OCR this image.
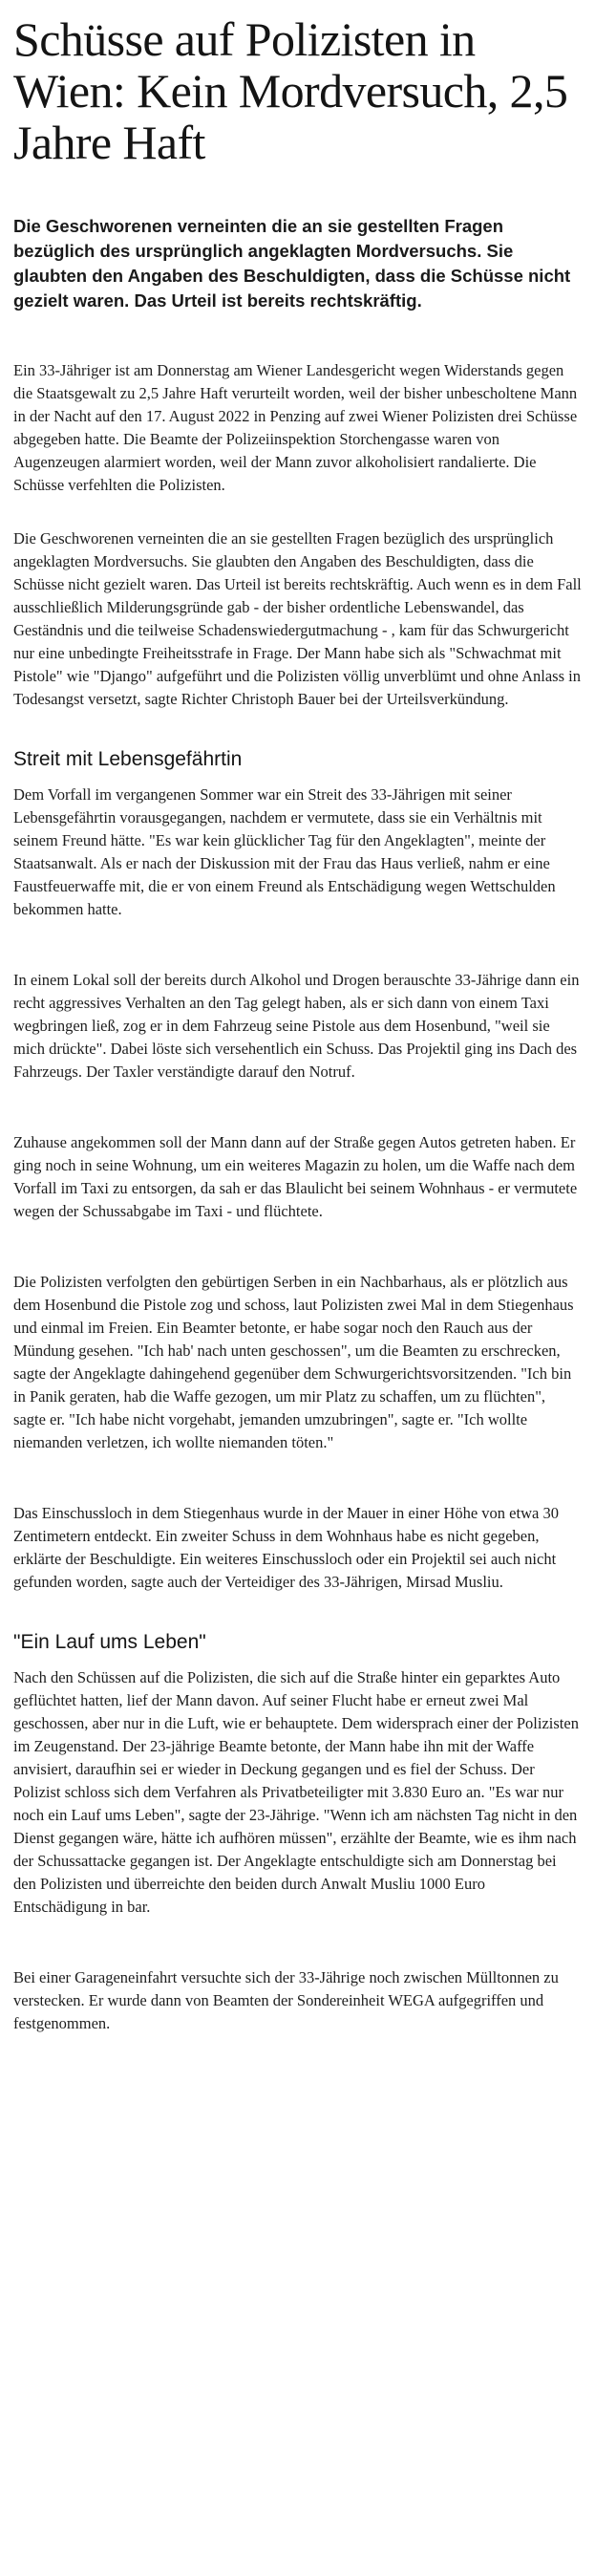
Schüsse auf Polizisten in Wien: Kein Mordversuch, 2,5 Jahre Haft

Die Geschworenen verneinten die an sie gestellten Fragen bezüglich des ursprünglich angeklagten Mordversuchs. Sie glaubten den Angaben des Beschuldigten, dass die Schüsse nicht gezielt waren. Das Urteil ist bereits rechtskräftig.

Ein 33-Jähriger ist am Donnerstag am Wiener Landesgericht wegen Widerstands gegen die Staatsgewalt zu 2,5 Jahre Haft verurteilt worden, weil der bisher unbescholtene Mann in der Nacht auf den 17. August 2022 in Penzing auf zwei Wiener Polizisten drei Schüsse abgegeben hatte. Die Beamte der Polizeiinspektion Storchengasse waren von Augenzeugen alarmiert worden, weil der Mann zuvor alkoholisiert randalierte. Die Schüsse verfehlten die Polizisten.

Die Geschworenen verneinten die an sie gestellten Fragen bezüglich des ursprünglich angeklagten Mordversuchs. Sie glaubten den Angaben des Beschuldigten, dass die Schüsse nicht gezielt waren. Das Urteil ist bereits rechtskräftig. Auch wenn es in dem Fall ausschließlich Milderungsgründe gab - der bisher ordentliche Lebenswandel, das Geständnis und die teilweise Schadenswiedergutmachung - , kam für das Schwurgericht nur eine unbedingte Freiheitsstrafe in Frage. Der Mann habe sich als "Schwachmat mit Pistole" wie "Django" aufgeführt und die Polizisten völlig unverblümt und ohne Anlass in Todesangst versetzt, sagte Richter Christoph Bauer bei der Urteilsverkündung.

Streit mit Lebensgefährtin

Dem Vorfall im vergangenen Sommer war ein Streit des 33-Jährigen mit seiner Lebensgefährtin vorausgegangen, nachdem er vermutete, dass sie ein Verhältnis mit seinem Freund hätte. "Es war kein glücklicher Tag für den Angeklagten", meinte der Staatsanwalt. Als er nach der Diskussion mit der Frau das Haus verließ, nahm er eine Faustfeuerwaffe mit, die er von einem Freund als Entschädigung wegen Wettschulden bekommen hatte.

In einem Lokal soll der bereits durch Alkohol und Drogen berauschte 33-Jährige dann ein recht aggressives Verhalten an den Tag gelegt haben, als er sich dann von einem Taxi wegbringen ließ, zog er in dem Fahrzeug seine Pistole aus dem Hosenbund, "weil sie mich drückte". Dabei löste sich versehentlich ein Schuss. Das Projektil ging ins Dach des Fahrzeugs. Der Taxler verständigte darauf den Notruf.

Zuhause angekommen soll der Mann dann auf der Straße gegen Autos getreten haben. Er ging noch in seine Wohnung, um ein weiteres Magazin zu holen, um die Waffe nach dem Vorfall im Taxi zu entsorgen, da sah er das Blaulicht bei seinem Wohnhaus - er vermutete wegen der Schussabgabe im Taxi - und flüchtete.

Die Polizisten verfolgten den gebürtigen Serben in ein Nachbarhaus, als er plötzlich aus dem Hosenbund die Pistole zog und schoss, laut Polizisten zwei Mal in dem Stiegenhaus und einmal im Freien. Ein Beamter betonte, er habe sogar noch den Rauch aus der Mündung gesehen. "Ich hab' nach unten geschossen", um die Beamten zu erschrecken, sagte der Angeklagte dahingehend gegenüber dem Schwurgerichtsvorsitzenden. "Ich bin in Panik geraten, hab die Waffe gezogen, um mir Platz zu schaffen, um zu flüchten", sagte er. "Ich habe nicht vorgehabt, jemanden umzubringen", sagte er. "Ich wollte niemanden verletzen, ich wollte niemanden töten."

Das Einschussloch in dem Stiegenhaus wurde in der Mauer in einer Höhe von etwa 30 Zentimetern entdeckt. Ein zweiter Schuss in dem Wohnhaus habe es nicht gegeben, erklärte der Beschuldigte. Ein weiteres Einschussloch oder ein Projektil sei auch nicht gefunden worden, sagte auch der Verteidiger des 33-Jährigen, Mirsad Musliu.

"Ein Lauf ums Leben"

Nach den Schüssen auf die Polizisten, die sich auf die Straße hinter ein geparktes Auto geflüchtet hatten, lief der Mann davon. Auf seiner Flucht habe er erneut zwei Mal geschossen, aber nur in die Luft, wie er behauptete. Dem widersprach einer der Polizisten im Zeugenstand. Der 23-jährige Beamte betonte, der Mann habe ihn mit der Waffe anvisiert, daraufhin sei er wieder in Deckung gegangen und es fiel der Schuss. Der Polizist schloss sich dem Verfahren als Privatbeteiligter mit 3.830 Euro an. "Es war nur noch ein Lauf ums Leben", sagte der 23-Jährige. "Wenn ich am nächsten Tag nicht in den Dienst gegangen wäre, hätte ich aufhören müssen", erzählte der Beamte, wie es ihm nach der Schussattacke gegangen ist. Der Angeklagte entschuldigte sich am Donnerstag bei den Polizisten und überreichte den beiden durch Anwalt Musliu 1000 Euro Entschädigung in bar.

Bei einer Garageneinfahrt versuchte sich der 33-Jährige noch zwischen Mülltonnen zu verstecken. Er wurde dann von Beamten der Sondereinheit WEGA aufgegriffen und festgenommen.
